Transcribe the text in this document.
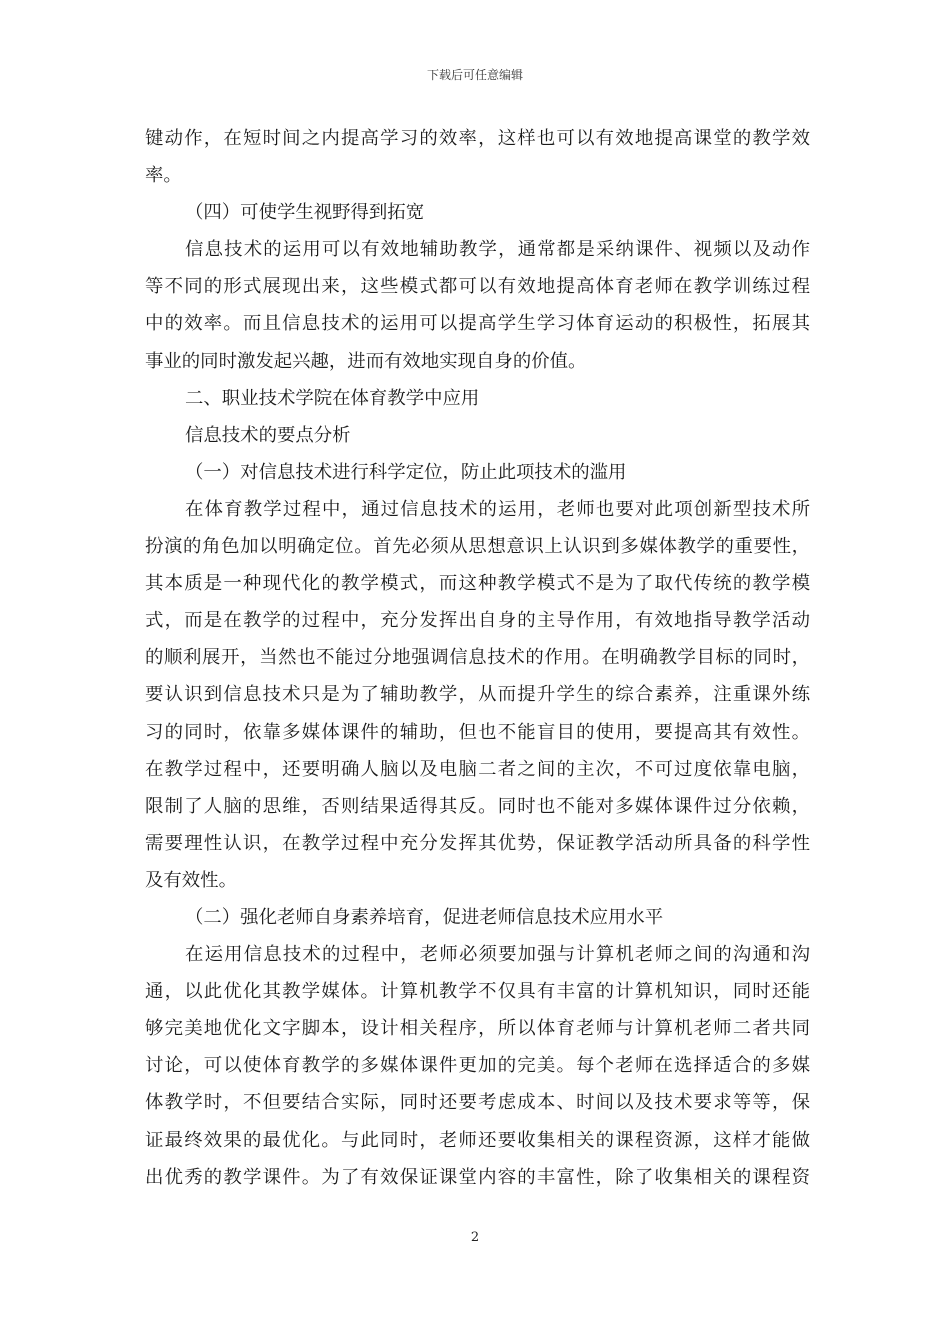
下载后可任意编辑
键动作，在短时间之内提高学习的效率，这样也可以有效地提高课堂的教学效
率。
（四）可使学生视野得到拓宽
信息技术的运用可以有效地辅助教学，通常都是采纳课件、视频以及动作
等不同的形式展现出来，这些模式都可以有效地提高体育老师在教学训练过程
中的效率。而且信息技术的运用可以提高学生学习体育运动的积极性，拓展其
事业的同时激发起兴趣，进而有效地实现自身的价值。
二、职业技术学院在体育教学中应用
信息技术的要点分析
（一）对信息技术进行科学定位，防止此项技术的滥用
在体育教学过程中，通过信息技术的运用，老师也要对此项创新型技术所
扮演的角色加以明确定位。首先必须从思想意识上认识到多媒体教学的重要性，
其本质是一种现代化的教学模式，而这种教学模式不是为了取代传统的教学模
式，而是在教学的过程中，充分发挥出自身的主导作用，有效地指导教学活动
的顺利展开，当然也不能过分地强调信息技术的作用。在明确教学目标的同时，
要认识到信息技术只是为了辅助教学，从而提升学生的综合素养，注重课外练
习的同时，依靠多媒体课件的辅助，但也不能盲目的使用，要提高其有效性。
在教学过程中，还要明确人脑以及电脑二者之间的主次，不可过度依靠电脑，
限制了人脑的思维，否则结果适得其反。同时也不能对多媒体课件过分依赖，
需要理性认识，在教学过程中充分发挥其优势，保证教学活动所具备的科学性
及有效性。
（二）强化老师自身素养培育，促进老师信息技术应用水平
在运用信息技术的过程中，老师必须要加强与计算机老师之间的沟通和沟
通，以此优化其教学媒体。计算机教学不仅具有丰富的计算机知识，同时还能
够完美地优化文字脚本，设计相关程序，所以体育老师与计算机老师二者共同
讨论，可以使体育教学的多媒体课件更加的完美。每个老师在选择适合的多媒
体教学时，不但要结合实际，同时还要考虑成本、时间以及技术要求等等，保
证最终效果的最优化。与此同时，老师还要收集相关的课程资源，这样才能做
出优秀的教学课件。为了有效保证课堂内容的丰富性，除了收集相关的课程资
2
